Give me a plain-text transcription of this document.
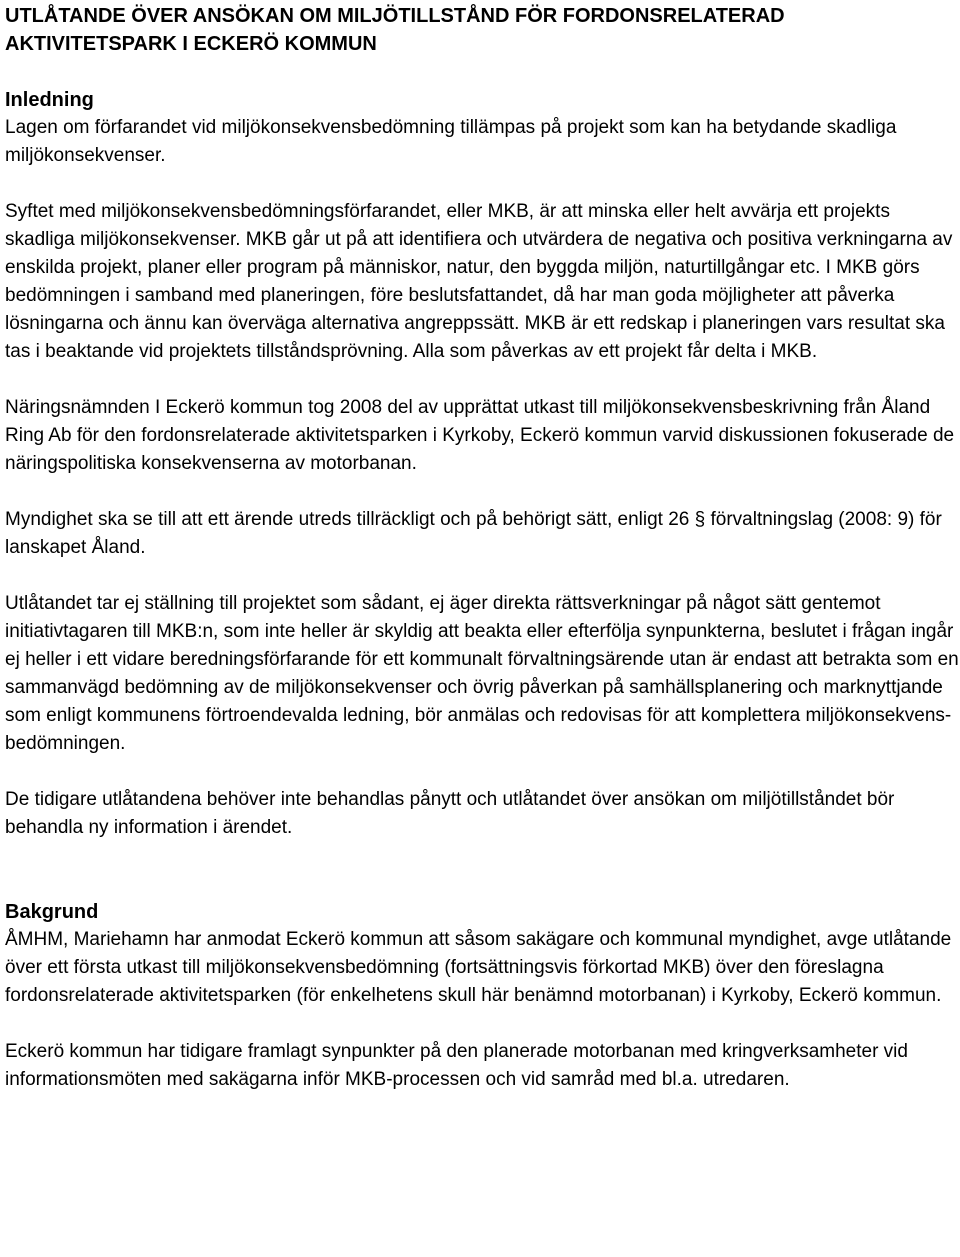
UTLÅTANDE ÖVER ANSÖKAN OM MILJÖTILLSTÅND FÖR FORDONSRELATERAD AKTIVITETSPARK I ECKERÖ KOMMUN
Inledning

Lagen om förfarandet vid miljökonsekvensbedömning tillämpas på projekt som kan ha betydande skadliga miljökonsekvenser.

Syftet med miljökonsekvensbedömningsförfarandet, eller MKB, är att minska eller helt avvärja ett projekts skadliga miljökonsekvenser. MKB går ut på att identifiera och utvärdera de negativa och positiva verkningarna av enskilda projekt, planer eller program på människor, natur, den byggda miljön, naturtillgångar etc. I MKB görs bedömningen i samband med planeringen, före beslutsfattandet, då har man goda möjligheter att påverka lösningarna och ännu kan överväga alternativa angreppssätt. MKB är ett redskap i planeringen vars resultat ska tas i beaktande vid projektets tillståndsprövning. Alla som påverkas av ett projekt får delta i MKB.

Näringsnämnden I Eckerö kommun tog 2008 del av upprättat utkast till miljökonsekvensbeskrivning från Åland Ring Ab för den fordonsrelaterade aktivitetsparken i Kyrkoby, Eckerö kommun varvid diskussionen fokuserade de näringspolitiska konsekvenserna av motorbanan.

Myndighet ska se till att ett ärende utreds tillräckligt och på behörigt sätt, enligt 26 § förvaltningslag (2008: 9) för lanskapet Åland.

Utlåtandet tar ej ställning till projektet som sådant, ej äger direkta rättsverkningar på något sätt gentemot initiativtagaren till MKB:n, som inte heller är skyldig att beakta eller efterfölja synpunkterna, beslutet i frågan ingår ej heller i ett vidare beredningsförfarande för ett kommunalt förvaltningsärende utan är endast att betrakta som en sammanvägd bedömning av de miljökonsekvenser och övrig påverkan på samhällsplanering och marknyttjande som enligt kommunens förtroendevalda ledning, bör anmälas och redovisas för att komplettera miljökonsekvens-bedömningen.

De tidigare utlåtandena behöver inte behandlas pånytt och utlåtandet över ansökan om miljötillståndet bör behandla ny information i ärendet.

Bakgrund

ÅMHM, Mariehamn har anmodat Eckerö kommun att såsom sakägare och kommunal myndighet, avge utlåtande över ett första utkast till miljökonsekvensbedömning (fortsättningsvis förkortad MKB) över den föreslagna fordonsrelaterade aktivitetsparken (för enkelhetens skull här benämnd motorbanan) i Kyrkoby, Eckerö kommun.

Eckerö kommun har tidigare framlagt synpunkter på den planerade motorbanan med kringverksamheter vid informationsmöten med sakägarna inför MKB-processen och vid samråd med bl.a. utredaren.
